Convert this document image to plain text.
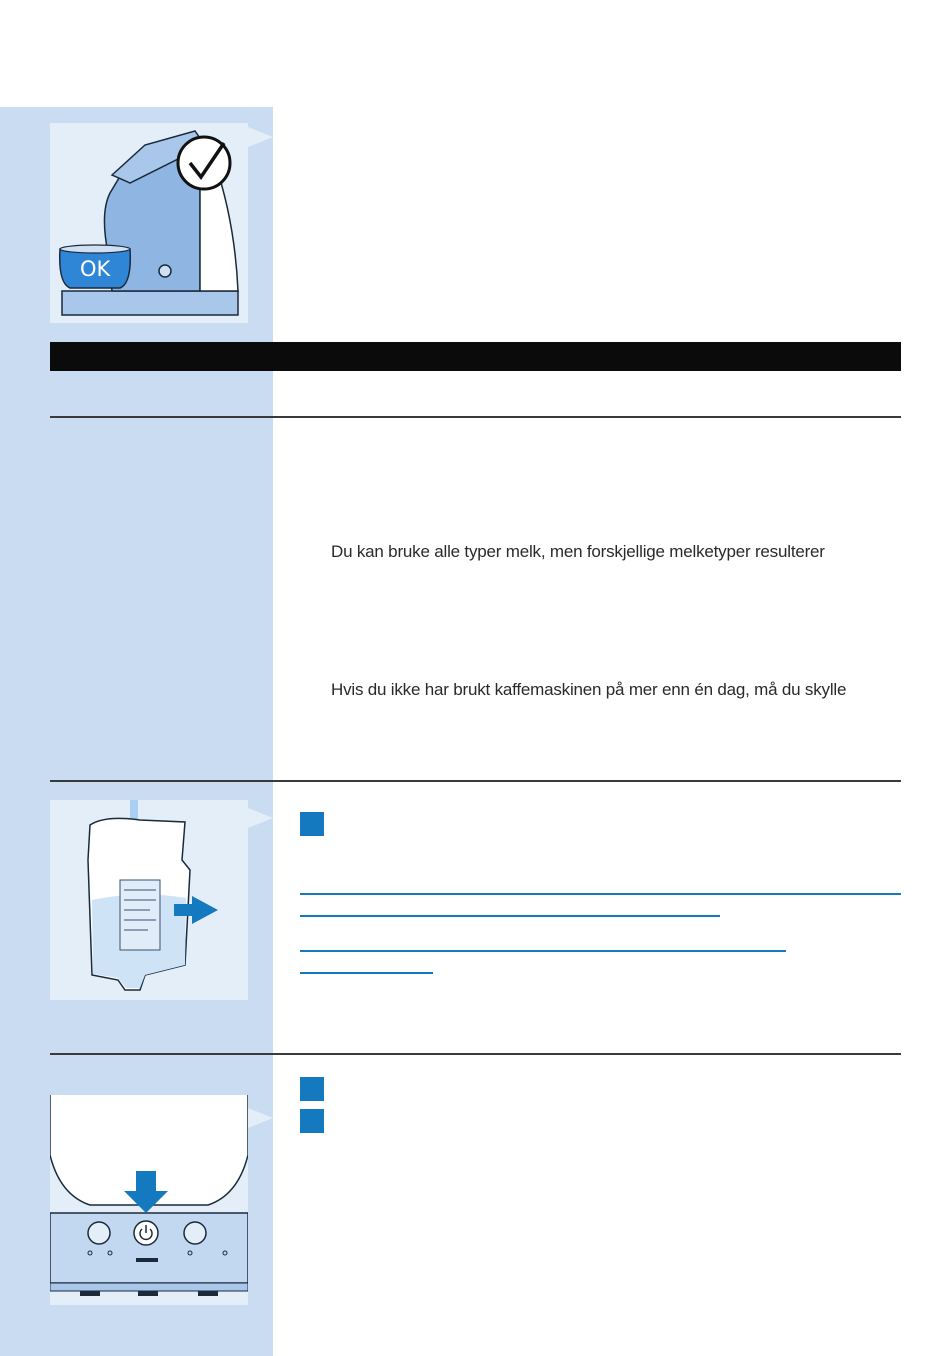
OK
Du kan bruke alle typer melk, men forskjellige melketyper resulterer
Hvis du ikke har brukt kaffemaskinen på mer enn én dag, må du skylle
